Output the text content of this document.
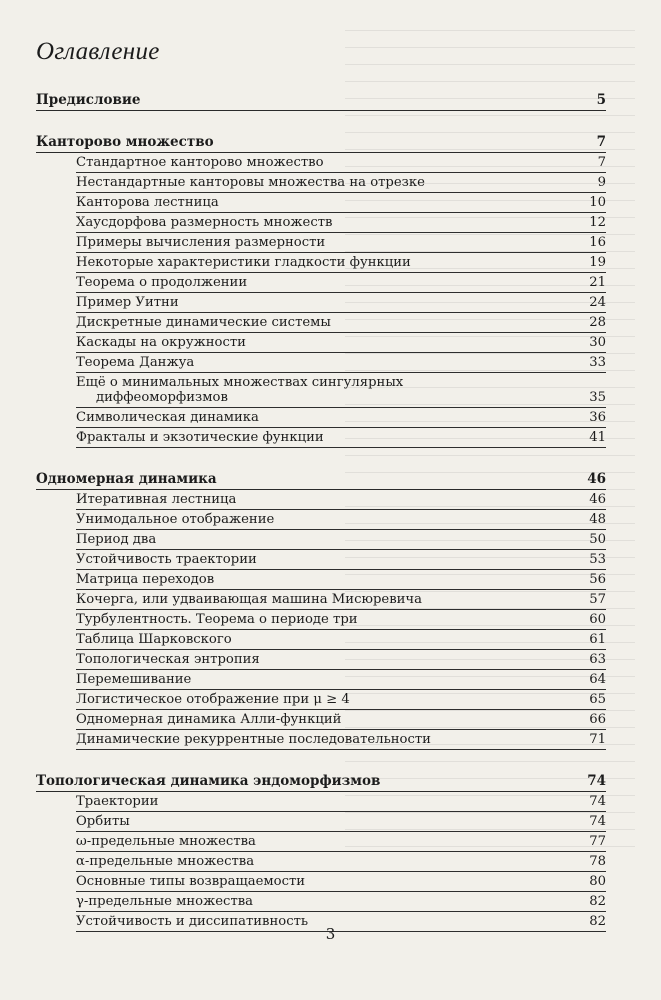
Оглавление
Предисловие	5
Канторово множество	7
Стандартное канторово множество	7
Нестандартные канторовы множества на отрезке	9
Канторова лестница	10
Хаусдорфова размерность множеств	12
Примеры вычисления размерности	16
Некоторые характеристики гладкости функции	19
Теорема о продолжении	21
Пример Уитни	24
Дискретные динамические системы	28
Каскады на окружности	30
Теорема Данжуа	33
Ещё о минимальных множествах сингулярных
диффеоморфизмов	35
Символическая динамика	36
Фракталы и экзотические функции	41
Одномерная динамика	46
Итеративная лестница	46
Унимодальное отображение	48
Период два	50
Устойчивость траектории	53
Матрица переходов	56
Кочерга, или удваивающая машина Мисюревича	57
Турбулентность. Теорема о периоде три	60
Таблица Шарковского	61
Топологическая энтропия	63
Перемешивание	64
Логистическое отображение при μ ≥ 4	65
Одномерная динамика Алли-функций	66
Динамические рекуррентные последовательности	71
Топологическая динамика эндоморфизмов	74
Траектории	74
Орбиты	74
ω-предельные множества	77
α-предельные множества	78
Основные типы возвращаемости	80
γ-предельные множества	82
Устойчивость и диссипативность	82
3
